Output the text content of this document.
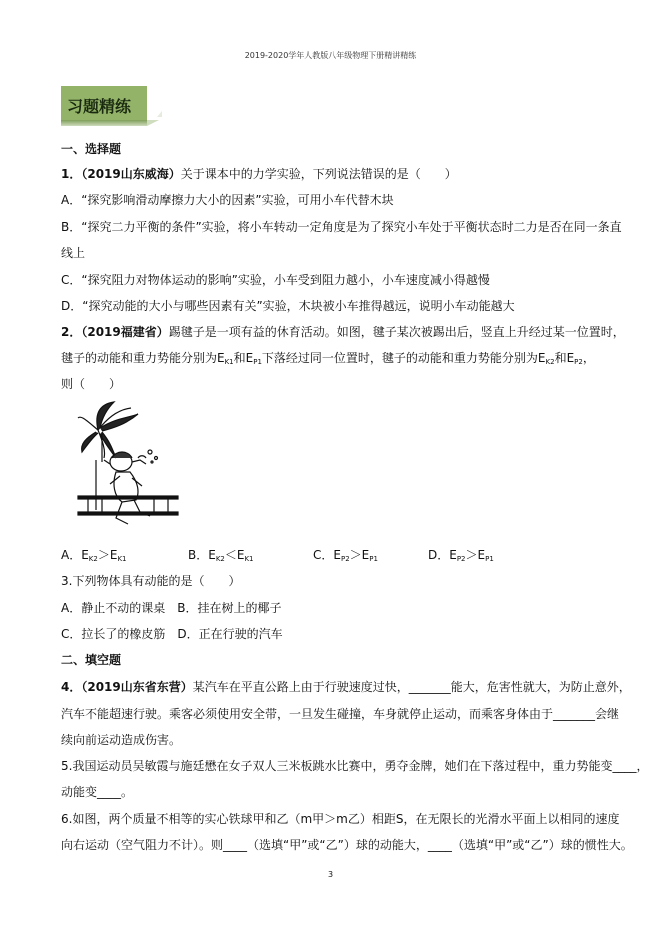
2019-2020学年人教版八年级物理下册精讲精练
习题精练
一、选择题
1．（2019山东威海）关于课本中的力学实验，下列说法错误的是（　　）
A．“探究影响滑动摩擦力大小的因素”实验，可用小车代替木块
B．“探究二力平衡的条件”实验，将小车转动一定角度是为了探究小车处于平衡状态时二力是否在同一条直
线上
C．“探究阻力对物体运动的影响”实验，小车受到阻力越小，小车速度减小得越慢
D．“探究动能的大小与哪些因素有关”实验，木块被小车推得越远，说明小车动能越大
2．（2019福建省）踢毽子是一项有益的休育活动。如图，毽子某次被踢出后，竖直上升经过某一位置时，
毽子的动能和重力势能分别为$E_{K1}$和$E_{P1}$下落经过同一位置时，毽子的动能和重力势能分别为$E_{K2}$和$E_{P2}$，
则（　　）
A．EK2＞EK1	B．EK2＜EK1	C．EP2＞EP1	D．EP2＞EP1
3.下列物体具有动能的是（　　）
A．静止不动的课桌　B．挂在树上的椰子
C．拉长了的橡皮筋　D．正在行驶的汽车
二、填空题
4．（2019山东省东营）某汽车在平直公路上由于行驶速度过快，_______能大，危害性就大，为防止意外，
汽车不能超速行驶。乘客必须使用安全带，一旦发生碰撞，车身就停止运动，而乘客身体由于_______会继
续向前运动造成伤害。
5.我国运动员吴敏霞与施廷懋在女子双人三米板跳水比赛中，勇夺金牌，她们在下落过程中，重力势能变____，
动能变____。
6.如图，两个质量不相等的实心铁球甲和乙（m甲＞m乙）相距S，在无限长的光滑水平面上以相同的速度
向右运动（空气阻力不计）。则____（选填“甲”或“乙”）球的动能大，____（选填“甲”或“乙”）球的惯性大。
3
